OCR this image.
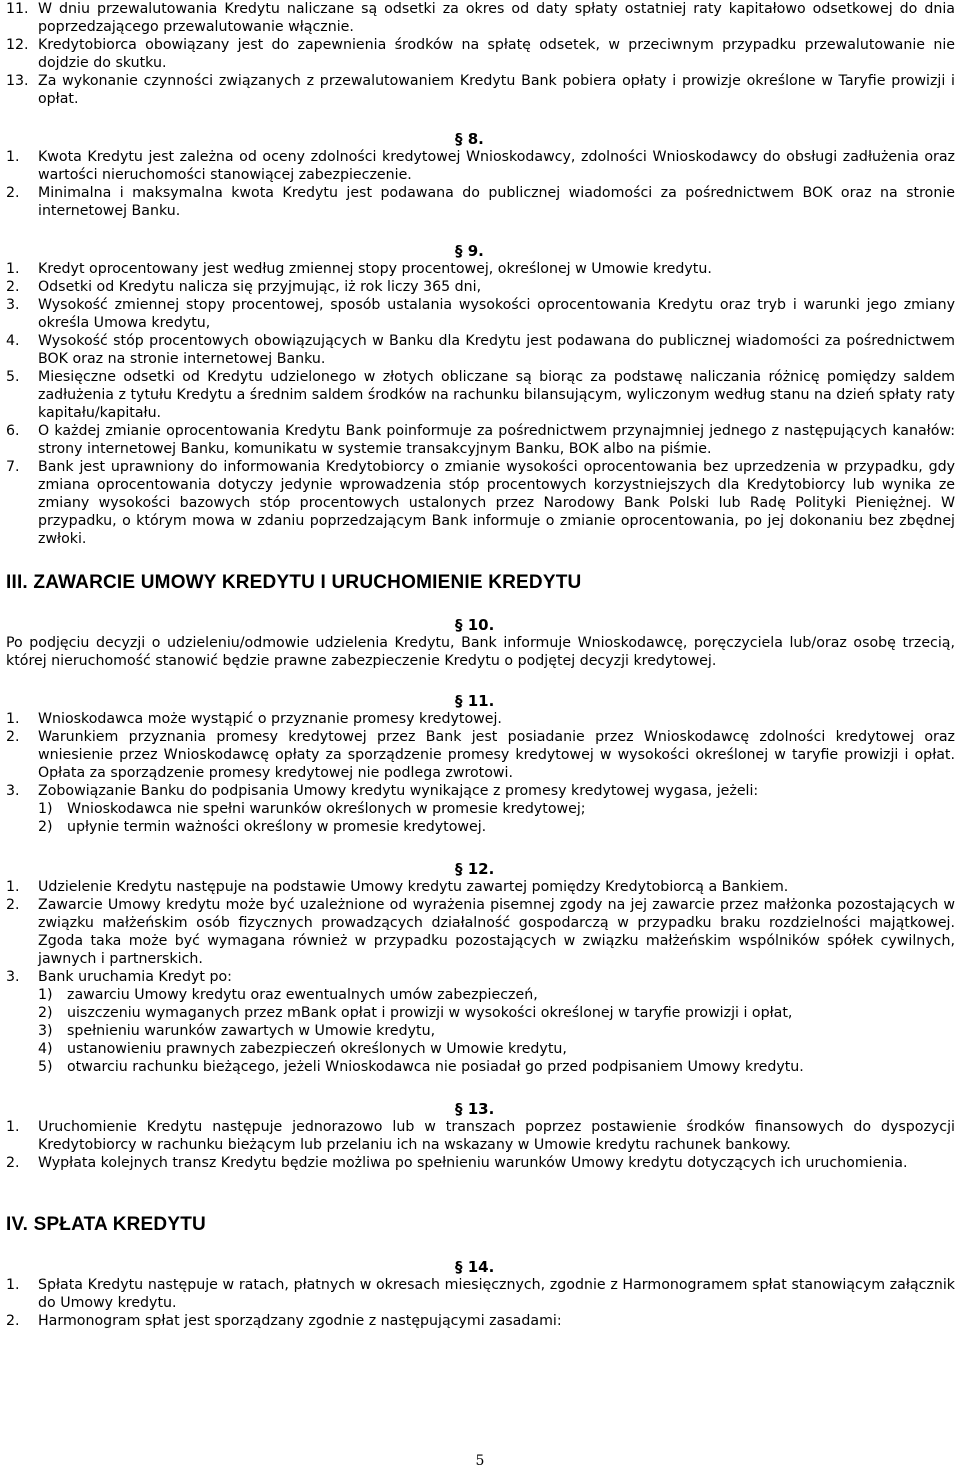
11. W dniu przewalutowania Kredytu naliczane są odsetki za okres od daty spłaty ostatniej raty kapitałowo odsetkowej do dnia poprzedzającego przewalutowanie włącznie.
12. Kredytobiorca obowiązany jest do zapewnienia środków na spłatę odsetek, w przeciwnym przypadku przewalutowanie nie dojdzie do skutku.
13. Za wykonanie czynności związanych z przewalutowaniem Kredytu Bank pobiera opłaty i prowizje określone w Taryfie prowizji i opłat.
§ 8.
1. Kwota Kredytu jest zależna od oceny zdolności kredytowej Wnioskodawcy, zdolności Wnioskodawcy do obsługi zadłużenia oraz wartości nieruchomości stanowiącej zabezpieczenie.
2. Minimalna i maksymalna kwota Kredytu jest podawana do publicznej wiadomości za pośrednictwem BOK oraz na stronie internetowej Banku.
§ 9.
1. Kredyt oprocentowany jest według zmiennej stopy procentowej, określonej w Umowie kredytu.
2. Odsetki od Kredytu nalicza się przyjmując, iż rok liczy 365 dni,
3. Wysokość zmiennej stopy procentowej, sposób ustalania wysokości oprocentowania Kredytu oraz tryb i warunki jego zmiany określa Umowa kredytu,
4. Wysokość stóp procentowych obowiązujących w Banku dla Kredytu jest podawana do publicznej wiadomości za pośrednictwem BOK oraz na stronie internetowej Banku.
5. Miesięczne odsetki od Kredytu udzielonego w złotych obliczane są biorąc za podstawę naliczania różnicę pomiędzy saldem zadłużenia z tytułu Kredytu a średnim saldem środków na rachunku bilansującym, wyliczonym według stanu na dzień spłaty raty kapitału/kapitału.
6. O każdej zmianie oprocentowania Kredytu Bank poinformuje za pośrednictwem przynajmniej jednego z następujących kanałów: strony internetowej Banku, komunikatu w systemie transakcyjnym Banku, BOK albo na piśmie.
7. Bank jest uprawniony do informowania Kredytobiorcy o zmianie wysokości oprocentowania bez uprzedzenia w przypadku, gdy zmiana oprocentowania dotyczy jedynie wprowadzenia stóp procentowych korzystniejszych dla Kredytobiorcy lub wynika ze zmiany wysokości bazowych stóp procentowych ustalonych przez Narodowy Bank Polski lub Radę Polityki Pieniężnej. W przypadku, o którym mowa w zdaniu poprzedzającym Bank informuje o zmianie oprocentowania, po jej dokonaniu bez zbędnej zwłoki.
III. ZAWARCIE UMOWY KREDYTU I URUCHOMIENIE KREDYTU
§ 10.
Po podjęciu decyzji o udzieleniu/odmowie udzielenia Kredytu, Bank informuje Wnioskodawcę, poręczyciela lub/oraz osobę trzecią, której nieruchomość stanowić będzie prawne zabezpieczenie Kredytu o podjętej decyzji kredytowej.
§ 11.
1. Wnioskodawca może wystąpić o przyznanie promesy kredytowej.
2. Warunkiem przyznania promesy kredytowej przez Bank jest posiadanie przez Wnioskodawcę zdolności kredytowej oraz wniesienie przez Wnioskodawcę opłaty za sporządzenie promesy kredytowej w wysokości określonej w taryfie prowizji i opłat. Opłata za sporządzenie promesy kredytowej nie podlega zwrotowi.
3. Zobowiązanie Banku do podpisania Umowy kredytu wynikające z promesy kredytowej wygasa, jeżeli:
1) Wnioskodawca nie spełni warunków określonych w promesie kredytowej;
2) upłynie termin ważności określony w promesie kredytowej.
§ 12.
1. Udzielenie Kredytu następuje na podstawie Umowy kredytu zawartej pomiędzy Kredytobiorcą a Bankiem.
2. Zawarcie Umowy kredytu może być uzależnione od wyrażenia pisemnej zgody na jej zawarcie przez małżonka pozostających w związku małżeńskim osób fizycznych prowadzących działalność gospodarczą w przypadku braku rozdzielności majątkowej. Zgoda taka może być wymagana również w przypadku pozostających w związku małżeńskim wspólników spółek cywilnych, jawnych i partnerskich.
3. Bank uruchamia Kredyt po:
1) zawarciu Umowy kredytu oraz ewentualnych umów zabezpieczeń,
2) uiszczeniu wymaganych przez mBank opłat i prowizji w wysokości określonej w taryfie prowizji i opłat,
3) spełnieniu warunków zawartych w Umowie kredytu,
4) ustanowieniu prawnych zabezpieczeń określonych w Umowie kredytu,
5) otwarciu rachunku bieżącego, jeżeli Wnioskodawca nie posiadał go przed podpisaniem Umowy kredytu.
§ 13.
1. Uruchomienie Kredytu następuje jednorazowo lub w transzach poprzez postawienie środków finansowych do dyspozycji Kredytobiorcy w rachunku bieżącym lub przelaniu ich na wskazany w Umowie kredytu rachunek bankowy.
2. Wypłata kolejnych transz Kredytu będzie możliwa po spełnieniu warunków Umowy kredytu dotyczących ich uruchomienia.
IV. SPŁATA KREDYTU
§ 14.
1. Spłata Kredytu następuje w ratach, płatnych w okresach miesięcznych, zgodnie z Harmonogramem spłat stanowiącym załącznik do Umowy kredytu.
2. Harmonogram spłat jest sporządzany zgodnie z następującymi zasadami:
5
